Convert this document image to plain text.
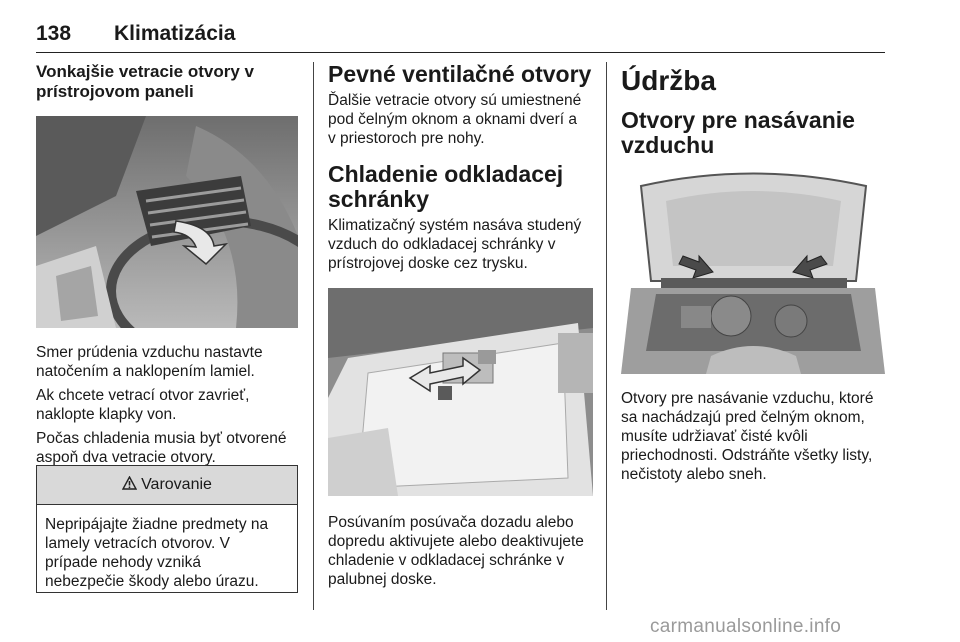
138 Klimatizácia
Vonkajšie vetracie otvory v
prístrojovom paneli

Smer prúdenia vzduchu nastavte
natočením a naklopením lamiel.

Ak chcete vetrací otvor zavrieť,
naklopte klapky von.

Počas chladenia musia byť otvorené
aspoň dva vetracie otvory.

Varovanie
Nepripájajte žiadne predmety na
lamely vetracích otvorov. V
prípade nehody vzniká
nebezpečie škody alebo úrazu.
Pevné ventilačné otvory

Ďalšie vetracie otvory sú umiestnené
pod čelným oknom a oknami dverí a
v priestoroch pre nohy.

Chladenie odkladacej
schránky

Klimatizačný systém nasáva studený
vzduch do odkladacej schránky v
prístrojovej doske cez trysku.

Posúvaním posúvača dozadu alebo
dopredu aktivujete alebo deaktivujete
chladenie v odkladacej schránke v
palubnej doske.

Údržba
Otvory pre nasávanie
vzduchu

Otvory pre nasávanie vzduchu, ktoré
sa nachádzajú pred čelným oknom,
musíte udržiavať čisté kvôli
priechodnosti. Odstráňte všetky listy,
nečistoty alebo sneh.

carmanualsonline.info
